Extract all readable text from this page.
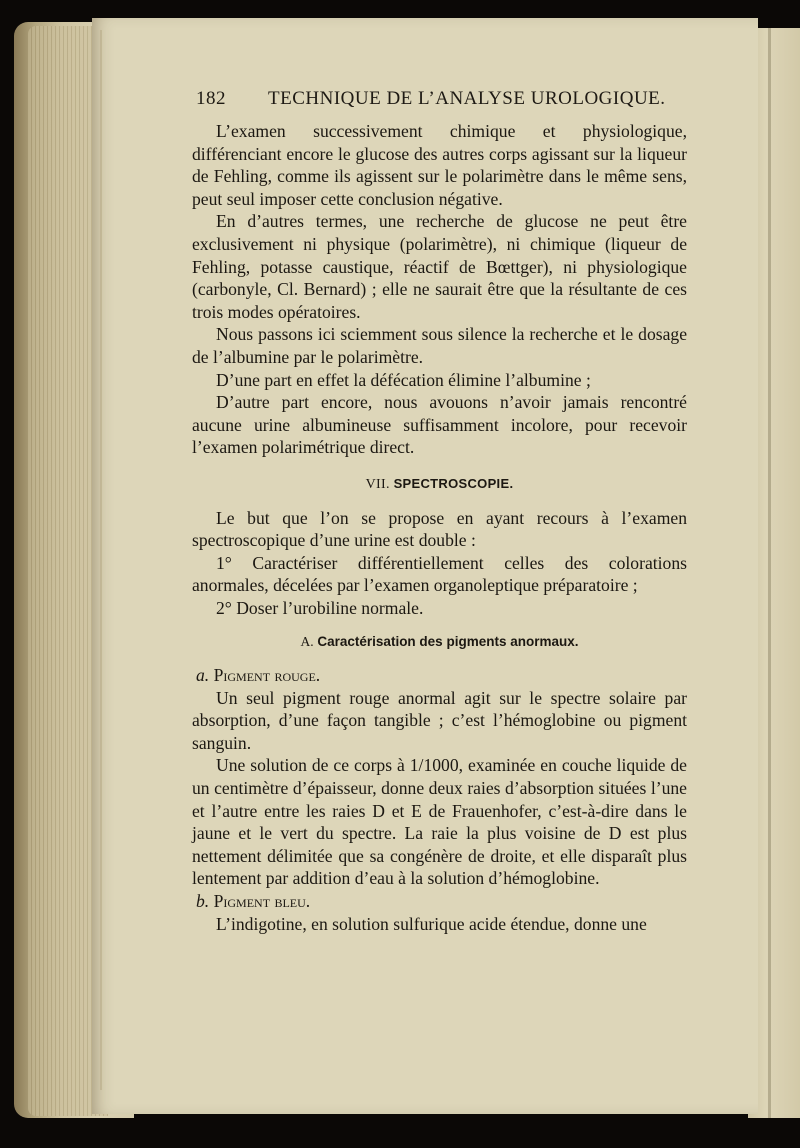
182 TECHNIQUE DE L’ANALYSE UROLOGIQUE.

L’examen successivement chimique et physiologique, différenciant encore le glucose des autres corps agissant sur la liqueur de Fehling, comme ils agissent sur le polarimètre dans le même sens, peut seul imposer cette conclusion négative.

En d’autres termes, une recherche de glucose ne peut être exclusivement ni physique (polarimètre), ni chimique (liqueur de Fehling, potasse caustique, réactif de Bœttger), ni physiologique (carbonyle, Cl. Bernard) ; elle ne saurait être que la résultante de ces trois modes opératoires.

Nous passons ici sciemment sous silence la recherche et le dosage de l’albumine par le polarimètre.

D’une part en effet la défécation élimine l’albumine ;

D’autre part encore, nous avouons n’avoir jamais rencontré aucune urine albumineuse suffisamment incolore, pour recevoir l’examen polarimétrique direct.

VII. SPECTROSCOPIE.

Le but que l’on se propose en ayant recours à l’examen spectroscopique d’une urine est double :

1° Caractériser différentiellement celles des colorations anormales, décelées par l’examen organoleptique préparatoire ;

2° Doser l’urobiline normale.

A. Caractérisation des pigments anormaux.

a. Pigment rouge.

Un seul pigment rouge anormal agit sur le spectre solaire par absorption, d’une façon tangible ; c’est l’hémoglobine ou pigment sanguin.

Une solution de ce corps à 1/1000, examinée en couche liquide de un centimètre d’épaisseur, donne deux raies d’absorption situées l’une et l’autre entre les raies D et E de Frauenhofer, c’est-à-dire dans le jaune et le vert du spectre. La raie la plus voisine de D est plus nettement délimitée que sa congénère de droite, et elle disparaît plus lentement par addition d’eau à la solution d’hémoglobine.

b. Pigment bleu.

L’indigotine, en solution sulfurique acide étendue, donne une
